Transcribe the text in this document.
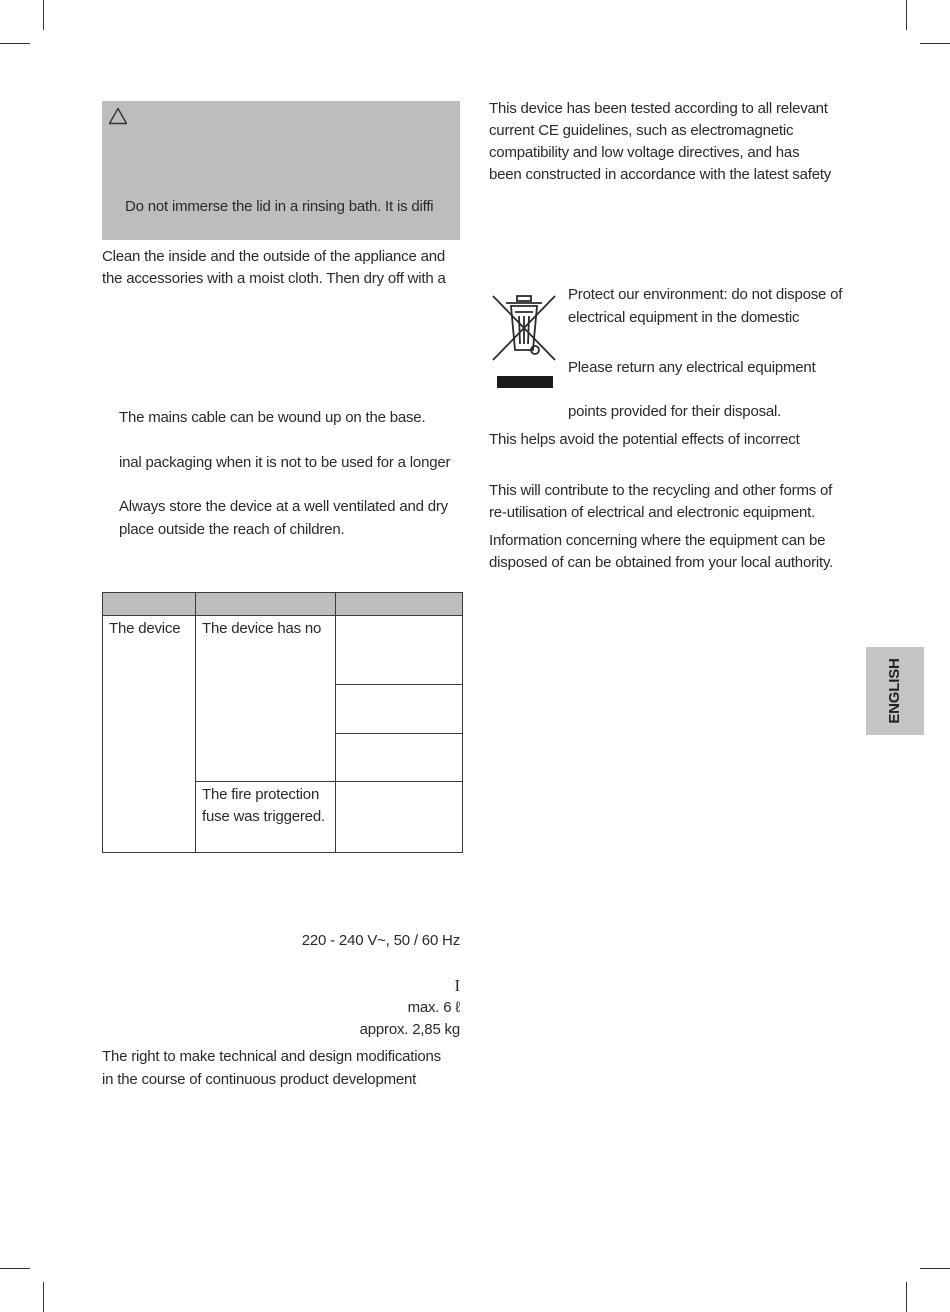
Do not immerse the lid in a rinsing bath. It is diffi
Clean the inside and the outside of the appliance and
the accessories with a moist cloth. Then dry off with a
The mains cable can be wound up on the base.
inal packaging when it is not to be used for a longer
Always store the device at a well ventilated and dry
place outside the reach of children.

The device	The device has no	

	The fire protection
fuse was triggered.	

220 - 240 V~, 50 / 60 Hz
I
max. 6 ℓ
approx. 2,85 kg
The right to make technical and design modifications
in the course of continuous product development
This device has been tested according to all relevant
current CE guidelines, such as electromagnetic
compatibility and low voltage directives, and has
been constructed in accordance with the latest safety
Protect our environment: do not dispose of
electrical equipment in the domestic
Please return any electrical equipment
points provided for their disposal.
This helps avoid the potential effects of incorrect
This will contribute to the recycling and other forms of
re-utilisation of electrical and electronic equipment.
Information concerning where the equipment can be
disposed of can be obtained from your local authority.
ENGLISH
